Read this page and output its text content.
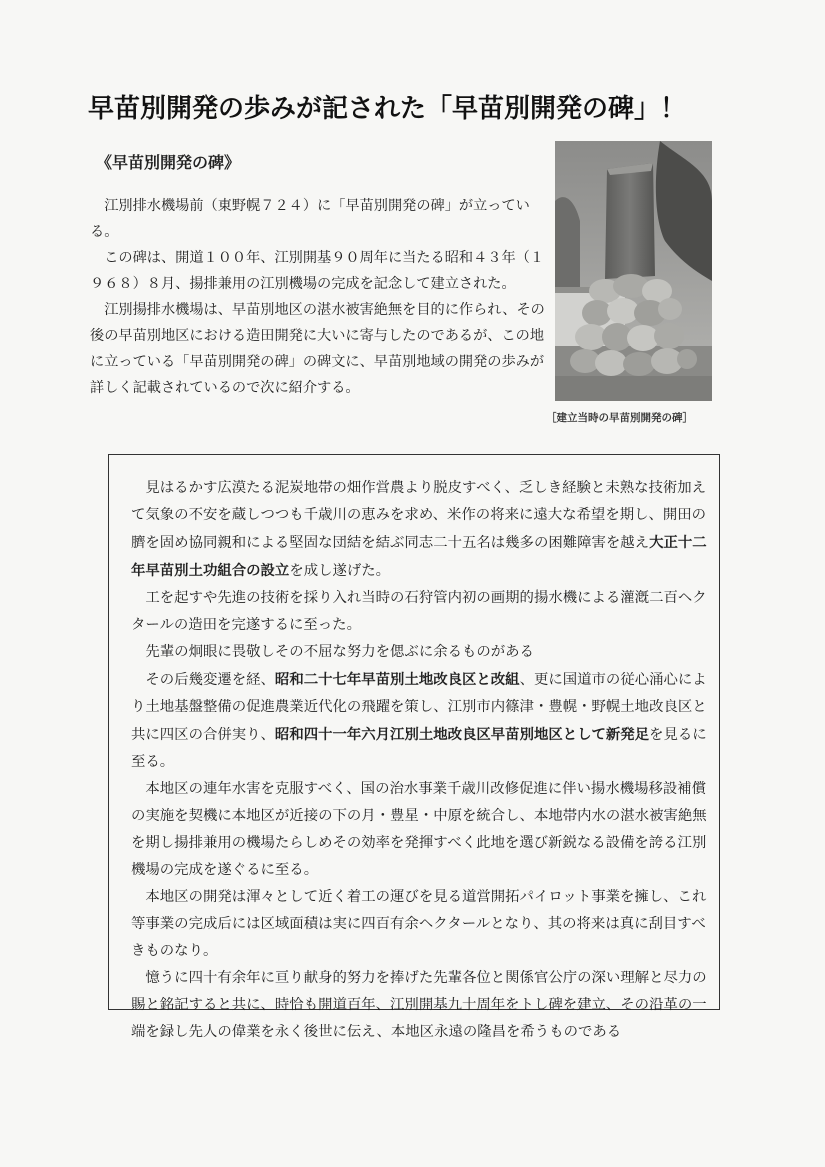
早苗別開発の歩みが記された「早苗別開発の碑」！
《早苗別開発の碑》

江別排水機場前（東野幌７２４）に「早苗別開発の碑」が立っている。

この碑は、開道１００年、江別開基９０周年に当たる昭和４３年（１９６８）８月、揚排兼用の江別機場の完成を記念して建立された。

江別揚排水機場は、早苗別地区の湛水被害絶無を目的に作られ、その後の早苗別地区における造田開発に大いに寄与したのであるが、この地に立っている「早苗別開発の碑」の碑文に、早苗別地域の開発の歩みが詳しく記載されているので次に紹介する。

［建立当時の早苗別開発の碑］

見はるかす広漠たる泥炭地帯の畑作営農より脱皮すべく、乏しき経験と未熟な技術加えて気象の不安を蔵しつつも千歳川の恵みを求め、米作の将来に遠大な希望を期し、開田の臍を固め協同親和による堅固な団結を結ぶ同志二十五名は幾多の困難障害を越え大正十二年早苗別土功組合の設立を成し遂げた。

工を起すや先進の技術を採り入れ当時の石狩管内初の画期的揚水機による灌漑二百ヘクタールの造田を完遂するに至った。

先輩の炯眼に畏敬しその不屈な努力を偲ぶに余るものがある

その后幾変遷を経、昭和二十七年早苗別土地改良区と改組、更に国道市の従心涌心により土地基盤整備の促進農業近代化の飛躍を策し、江別市内篠津・豊幌・野幌土地改良区と共に四区の合併実り、昭和四十一年六月江別土地改良区早苗別地区として新発足を見るに至る。

本地区の連年水害を克服すべく、国の治水事業千歳川改修促進に伴い揚水機場移設補償の実施を契機に本地区が近接の下の月・豊星・中原を統合し、本地帯内水の湛水被害絶無を期し揚排兼用の機場たらしめその効率を発揮すべく此地を選び新鋭なる設備を誇る江別機場の完成を遂ぐるに至る。

本地区の開発は渾々として近く着工の運びを見る道営開拓パイロット事業を擁し、これ等事業の完成后には区域面積は実に四百有余ヘクタールとなり、其の将来は真に刮目すべきものなり。

憶うに四十有余年に亘り献身的努力を捧げた先輩各位と関係官公庁の深い理解と尽力の賜と銘記すると共に、時恰も開道百年、江別開基九十周年をトし碑を建立、その沿革の一端を録し先人の偉業を永く後世に伝え、本地区永遠の隆昌を希うものである
